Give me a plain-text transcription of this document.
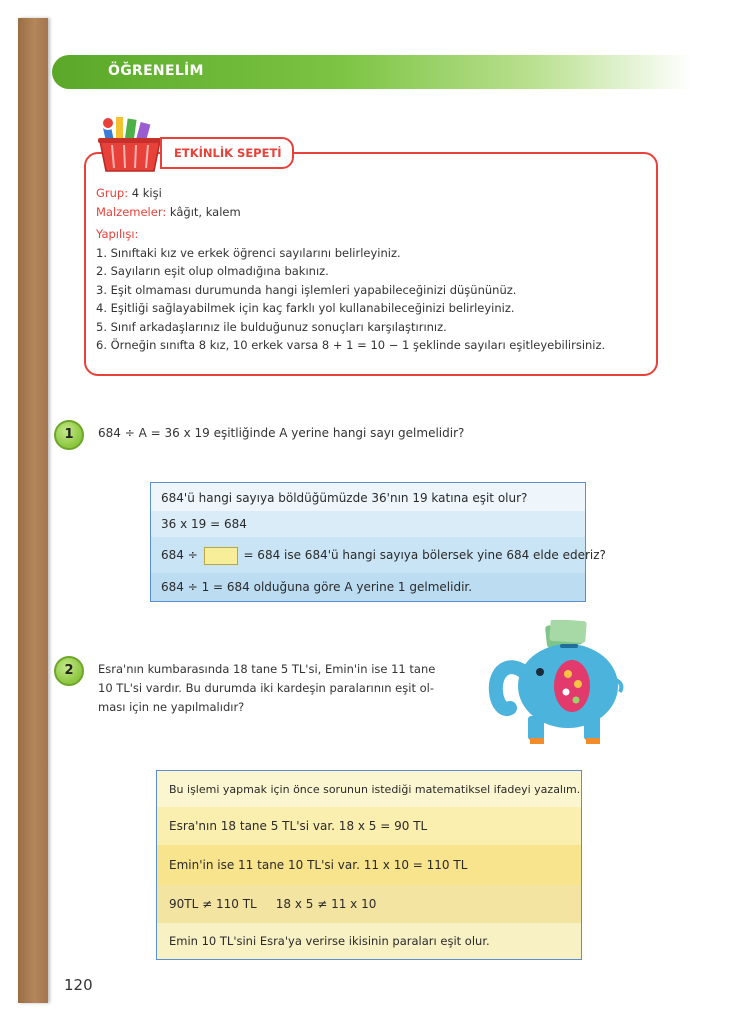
ÖĞRENELİM
ETKİNLİK SEPETİ
Grup: 4 kişi
Malzemeler: kâğıt, kalem
Yapılışı:
1. Sınıftaki kız ve erkek öğrenci sayılarını belirleyiniz.
2. Sayıların eşit olup olmadığına bakınız.
3. Eşit olmaması durumunda hangi işlemleri yapabileceğinizi düşününüz.
4. Eşitliği sağlayabilmek için kaç farklı yol kullanabileceğinizi belirleyiniz.
5. Sınıf arkadaşlarınız ile bulduğunuz sonuçları karşılaştırınız.
6. Örneğin sınıfta 8 kız, 10 erkek varsa 8 + 1 = 10 − 1 şeklinde sayıları eşitleyebilirsiniz.
1	684 ÷ A = 36 x 19 eşitliğinde A yerine hangi sayı gelmelidir?
684'ü hangi sayıya böldüğümüzde 36'nın 19 katına eşit olur?
36 x 19 = 684
684 ÷	= 684 ise 684'ü hangi sayıya bölersek yine 684 elde ederiz?
684 ÷ 1 = 684 olduğuna göre A yerine 1 gelmelidir.
2	Esra'nın kumbarasında 18 tane 5 TL'si, Emin'in ise 11 tane
10 TL'si vardır. Bu durumda iki kardeşin paralarının eşit ol-
ması için ne yapılmalıdır?
Bu işlemi yapmak için önce sorunun istediği matematiksel ifadeyi yazalım.
Esra'nın 18 tane 5 TL'si var. 18 x 5 = 90 TL
Emin'in ise 11 tane 10 TL'si var. 11 x 10 = 110 TL
90TL ≠ 110 TL     18 x 5 ≠ 11 x 10
Emin 10 TL'sini Esra'ya verirse ikisinin paraları eşit olur.
120
